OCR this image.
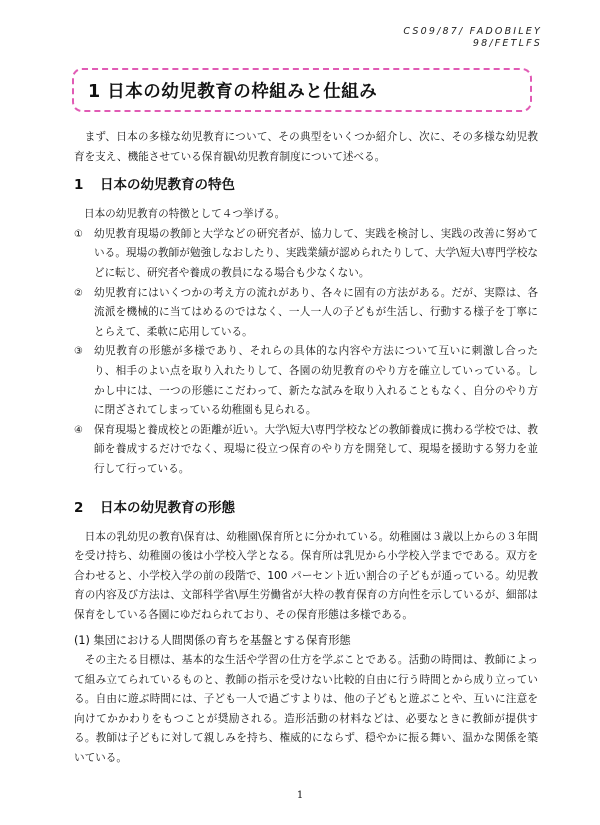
CS09/87/ FADOBILEY
98/FETLFS
1 日本の幼児教育の枠組みと仕組み

まず、日本の多様な幼児教育について、その典型をいくつか紹介し、次に、その多様な幼児教育を支え、機能させている保育観\幼児教育制度について述べる。

1 日本の幼児教育の特色

日本の幼児教育の特徴として４つ挙げる。

① 幼児教育現場の教師と大学などの研究者が、協力して、実践を検討し、実践の改善に努めている。現場の教師が勉強しなおしたり、実践業績が認められたりして、大学\短大\専門学校などに転じ、研究者や養成の教員になる場合も少なくない。
② 幼児教育にはいくつかの考え方の流れがあり、各々に固有の方法がある。だが、実際は、各流派を機械的に当てはめるのではなく、一人一人の子どもが生活し、行動する様子を丁寧にとらえて、柔軟に応用している。
③ 幼児教育の形態が多様であり、それらの具体的な内容や方法について互いに刺激し合ったり、相手のよい点を取り入れたりして、各園の幼児教育のやり方を確立していっている。しかし中には、一つの形態にこだわって、新たな試みを取り入れることもなく、自分のやり方に閉ざされてしまっている幼稚園も見られる。
④ 保育現場と養成校との距離が近い。大学\短大\専門学校などの教師養成に携わる学校では、教師を養成するだけでなく、現場に役立つ保育のやり方を開発して、現場を援助する努力を並行して行っている。
2 日本の幼児教育の形態

日本の乳幼児の教育\保育は、幼稚園\保育所とに分かれている。幼稚園は３歳以上からの３年間を受け持ち、幼稚園の後は小学校入学となる。保育所は乳児から小学校入学までである。双方を合わせると、小学校入学の前の段階で、100 パーセント近い割合の子どもが通っている。幼児教育の内容及び方法は、文部科学省\厚生労働省が大枠の教育保育の方向性を示しているが、細部は保育をしている各園にゆだねられており、その保育形態は多様である。

(1) 集団における人間関係の育ちを基盤とする保育形態

その主たる目標は、基本的な生活や学習の仕方を学ぶことである。活動の時間は、教師によって組み立てられているものと、教師の指示を受けない比較的自由に行う時間とから成り立っている。自由に遊ぶ時間には、子ども一人で過ごすよりは、他の子どもと遊ぶことや、互いに注意を向けてかかわりをもつことが奨励される。造形活動の材料などは、必要なときに教師が提供する。教師は子どもに対して親しみを持ち、権威的にならず、穏やかに振る舞い、温かな関係を築いている。

1
